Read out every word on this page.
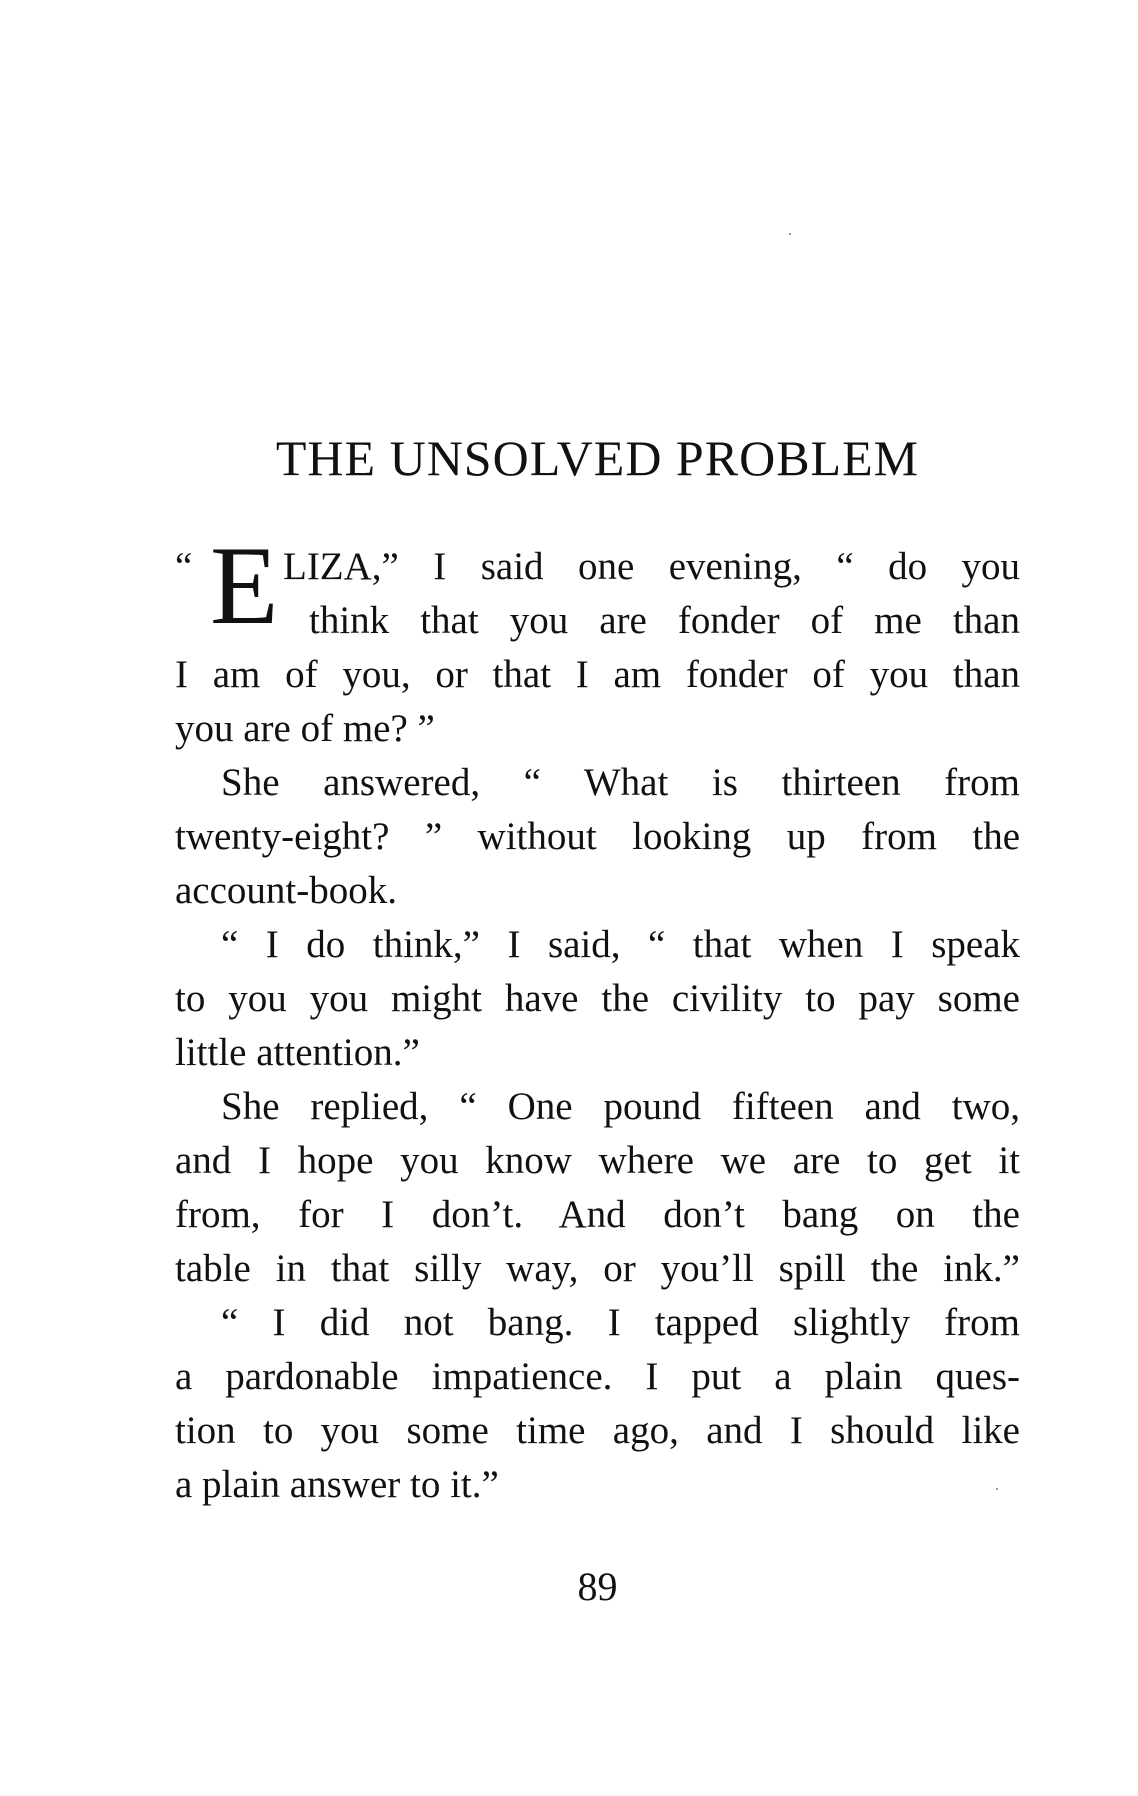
THE UNSOLVED PROBLEM
“ E LIZA,” I said one evening, “ do you
think that you are fonder of me than
I am of you, or that I am fonder of you than
you are of me? ”
She answered, “ What is thirteen from
twenty-eight? ” without looking up from the
account-book.
“ I do think,” I said, “ that when I speak
to you you might have the civility to pay some
little attention.”
She replied, “ One pound fifteen and two,
and I hope you know where we are to get it
from, for I don’t. And don’t bang on the
table in that silly way, or you’ll spill the ink.”
“ I did not bang. I tapped slightly from
a pardonable impatience. I put a plain ques-
tion to you some time ago, and I should like
a plain answer to it.”
89
